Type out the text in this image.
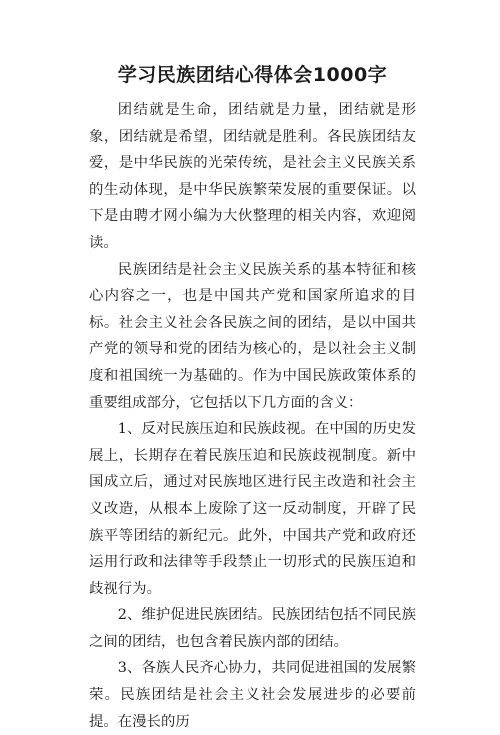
学习民族团结心得体会1000字

团结就是生命，团结就是力量，团结就是形象，团结就是希望，团结就是胜利。各民族团结友爱，是中华民族的光荣传统，是社会主义民族关系的生动体现，是中华民族繁荣发展的重要保证。以下是由聘才网小编为大伙整理的相关内容，欢迎阅读。

民族团结是社会主义民族关系的基本特征和核心内容之一，也是中国共产党和国家所追求的目标。社会主义社会各民族之间的团结，是以中国共产党的领导和党的团结为核心的，是以社会主义制度和祖国统一为基础的。作为中国民族政策体系的重要组成部分，它包括以下几方面的含义：

1、反对民族压迫和民族歧视。在中国的历史发展上，长期存在着民族压迫和民族歧视制度。新中国成立后，通过对民族地区进行民主改造和社会主义改造，从根本上废除了这一反动制度，开辟了民族平等团结的新纪元。此外，中国共产党和政府还运用行政和法律等手段禁止一切形式的民族压迫和歧视行为。

2、维护促进民族团结。民族团结包括不同民族之间的团结，也包含着民族内部的团结。

3、各族人民齐心协力，共同促进祖国的发展繁荣。民族团结是社会主义社会发展进步的必要前提。在漫长的历
